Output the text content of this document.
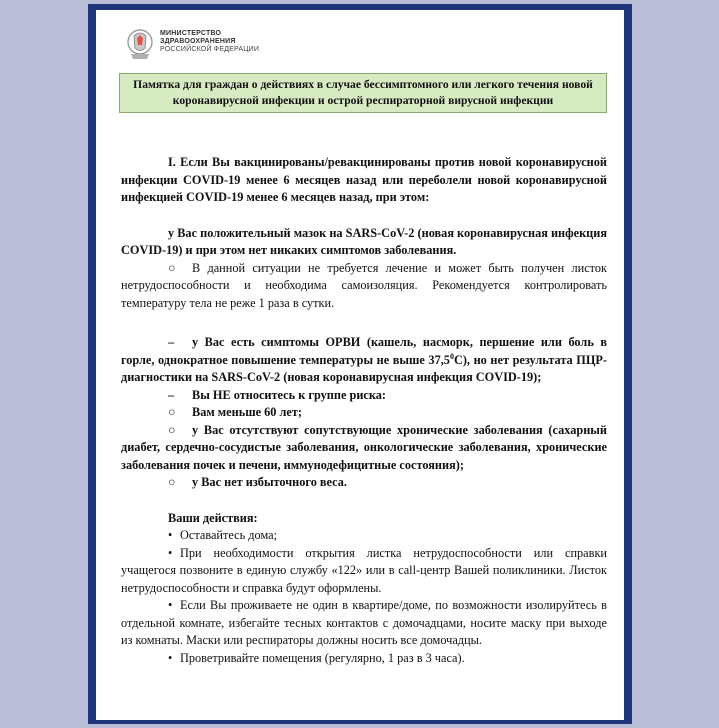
МИНИСТЕРСТВО
ЗДРАВООХРАНЕНИЯ
РОССИЙСКОЙ ФЕДЕРАЦИИ
Памятка для граждан о действиях в случае бессимптомного или легкого течения новой коронавирусной инфекции и острой респираторной вирусной инфекции

I. Если Вы вакцинированы/ревакцинированы против новой коронавирусной инфекции COVID-19 менее 6 месяцев назад или переболели новой коронавирусной инфекцией COVID-19 менее 6 месяцев назад, при этом:

у Вас положительный мазок на SARS-CoV-2 (новая коронавирусная инфекция COVID-19) и при этом нет никаких симптомов заболевания.

○ В данной ситуации не требуется лечение и может быть получен листок нетрудоспособности и необходима самоизоляция. Рекомендуется контролировать температуру тела не реже 1 раза в сутки.

– у Вас есть симптомы ОРВИ (кашель, насморк, першение или боль в горле, однократное повышение температуры не выше 37,5$^0$С), но нет результата ПЦР-диагностики на SARS-CoV-2 (новая коронавирусная инфекция COVID-19);

– Вы НЕ относитесь к группе риска:

○ Вам меньше 60 лет;

○ у Вас отсутствуют сопутствующие хронические заболевания (сахарный диабет, сердечно-сосудистые заболевания, онкологические заболевания, хронические заболевания почек и печени, иммунодефицитные состояния);

○ у Вас нет избыточного веса.

Ваши действия:

• Оставайтесь дома;

• При необходимости открытия листка нетрудоспособности или справки учащегося позвоните в единую службу «122» или в call-центр Вашей поликлиники. Листок нетрудоспособности и справка будут оформлены.

• Если Вы проживаете не один в квартире/доме, по возможности изолируйтесь в отдельной комнате, избегайте тесных контактов с домочадцами, носите маску при выходе из комнаты. Маски или респираторы должны носить все домочадцы.

• Проветривайте помещения (регулярно, 1 раз в 3 часа).
